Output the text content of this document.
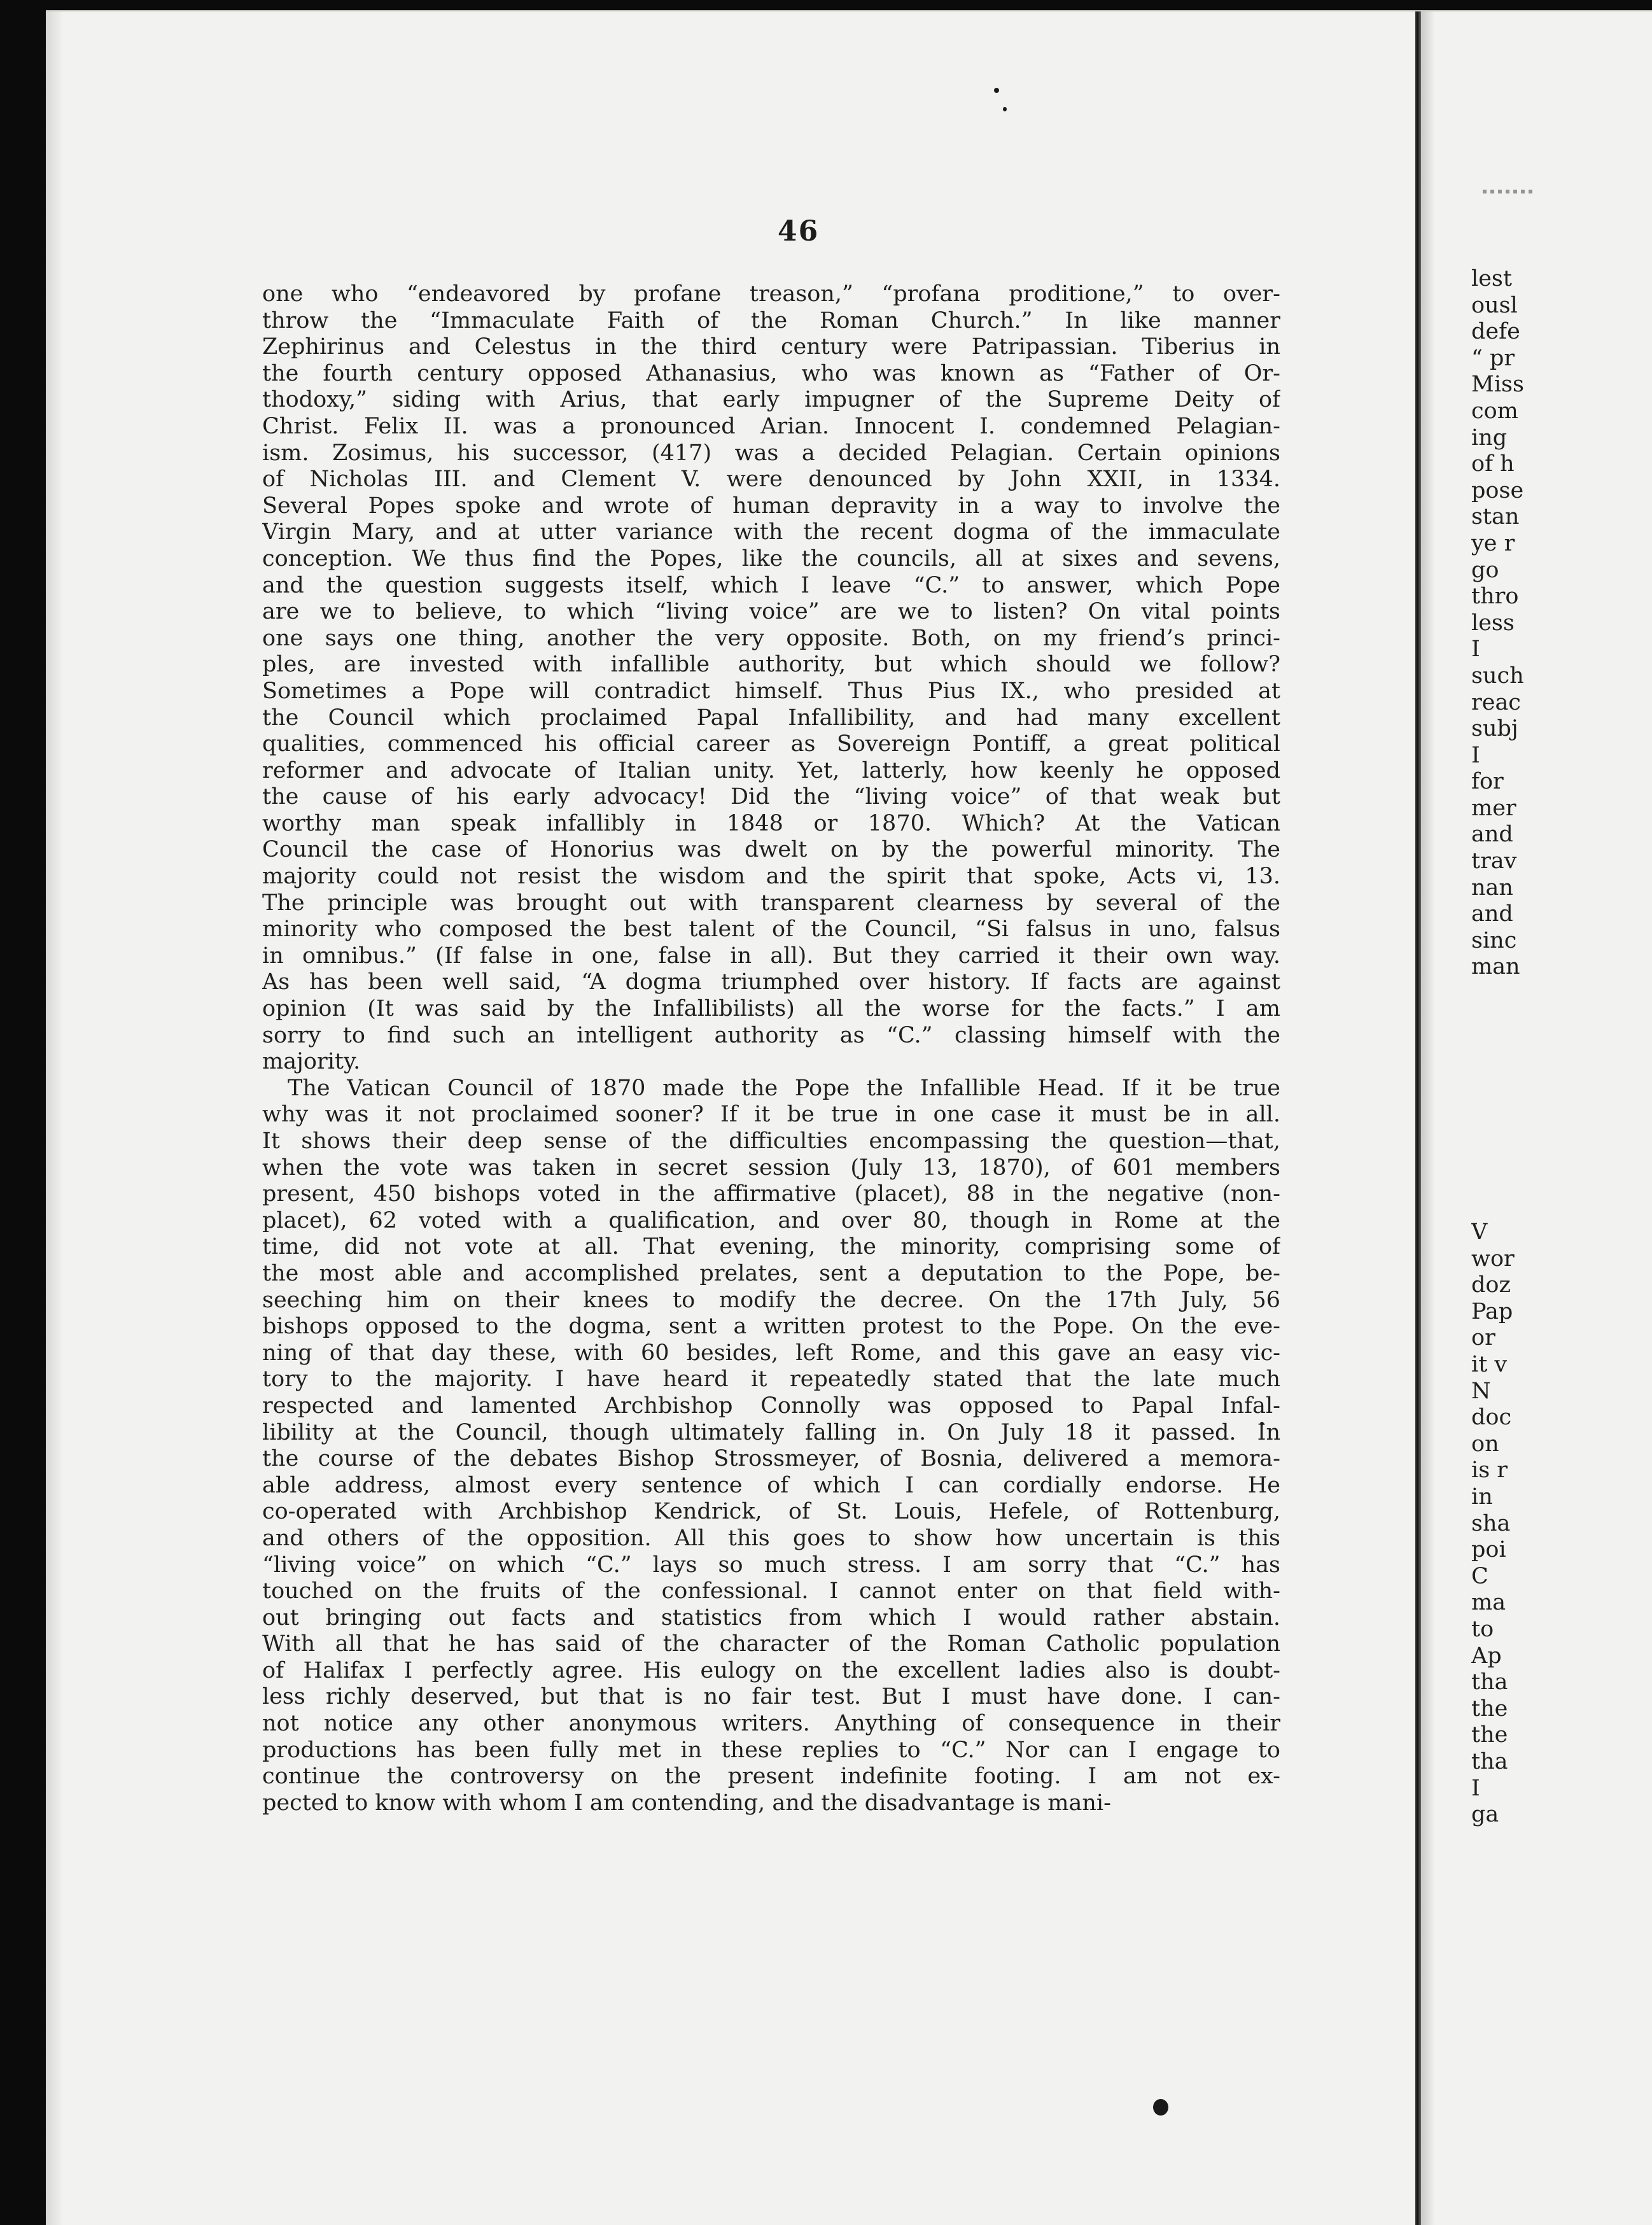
46
one who “endeavored by profane treason,” “profana proditione,” to over-
throw the “Immaculate Faith of the Roman Church.” In like manner
Zephirinus and Celestus in the third century were Patripassian. Tiberius in
the fourth century opposed Athanasius, who was known as “Father of Or-
thodoxy,” siding with Arius, that early impugner of the Supreme Deity of
Christ. Felix II. was a pronounced Arian. Innocent I. condemned Pelagian-
ism. Zosimus, his successor, (417) was a decided Pelagian. Certain opinions
of Nicholas III. and Clement V. were denounced by John XXII, in 1334.
Several Popes spoke and wrote of human depravity in a way to involve the
Virgin Mary, and at utter variance with the recent dogma of the immaculate
conception. We thus find the Popes, like the councils, all at sixes and sevens,
and the question suggests itself, which I leave “C.” to answer, which Pope
are we to believe, to which “living voice” are we to listen? On vital points
one says one thing, another the very opposite. Both, on my friend’s princi-
ples, are invested with infallible authority, but which should we follow?
Sometimes a Pope will contradict himself. Thus Pius IX., who presided at
the Council which proclaimed Papal Infallibility, and had many excellent
qualities, commenced his official career as Sovereign Pontiff, a great political
reformer and advocate of Italian unity. Yet, latterly, how keenly he opposed
the cause of his early advocacy! Did the “living voice” of that weak but
worthy man speak infallibly in 1848 or 1870. Which? At the Vatican
Council the case of Honorius was dwelt on by the powerful minority. The
majority could not resist the wisdom and the spirit that spoke, Acts vi, 13.
The principle was brought out with transparent clearness by several of the
minority who composed the best talent of the Council, “Si falsus in uno, falsus
in omnibus.” (If false in one, false in all). But they carried it their own way.
As has been well said, “A dogma triumphed over history. If facts are against
opinion (It was said by the Infallibilists) all the worse for the facts.” I am
sorry to find such an intelligent authority as “C.” classing himself with the
majority.
The Vatican Council of 1870 made the Pope the Infallible Head. If it be true
why was it not proclaimed sooner? If it be true in one case it must be in all.
It shows their deep sense of the difficulties encompassing the question—that,
when the vote was taken in secret session (July 13, 1870), of 601 members
present, 450 bishops voted in the affirmative (placet), 88 in the negative (non-
placet), 62 voted with a qualification, and over 80, though in Rome at the
time, did not vote at all. That evening, the minority, comprising some of
the most able and accomplished prelates, sent a deputation to the Pope, be-
seeching him on their knees to modify the decree. On the 17th July, 56
bishops opposed to the dogma, sent a written protest to the Pope. On the eve-
ning of that day these, with 60 besides, left Rome, and this gave an easy vic-
tory to the majority. I have heard it repeatedly stated that the late much
respected and lamented Archbishop Connolly was opposed to Papal Infal-
libility at the Council, though ultimately falling in. On July 18 it passed. In
the course of the debates Bishop Strossmeyer, of Bosnia, delivered a memora-
able address, almost every sentence of which I can cordially endorse. He
co-operated with Archbishop Kendrick, of St. Louis, Hefele, of Rottenburg,
and others of the opposition. All this goes to show how uncertain is this
“living voice” on which “C.” lays so much stress. I am sorry that “C.” has
touched on the fruits of the confessional. I cannot enter on that field with-
out bringing out facts and statistics from which I would rather abstain.
With all that he has said of the character of the Roman Catholic population
of Halifax I perfectly agree. His eulogy on the excellent ladies also is doubt-
less richly deserved, but that is no fair test. But I must have done. I can-
not notice any other anonymous writers. Anything of consequence in their
productions has been fully met in these replies to “C.” Nor can I engage to
continue the controversy on the present indefinite footing. I am not ex-
pected to know with whom I am contending, and the disadvantage is mani-
lest
ousl
defe
“ pr
Miss
com
ing
of h
pose
stan
ye r
go
thro
less
I
such
reac
subj
I
for
mer
and
trav
nan
and
sinc
man
V
wor
doz
Pap
or
it v
N
doc
on
is r
in
sha
poi
C
ma
to
Ap
tha
the
the
tha
I
ga
